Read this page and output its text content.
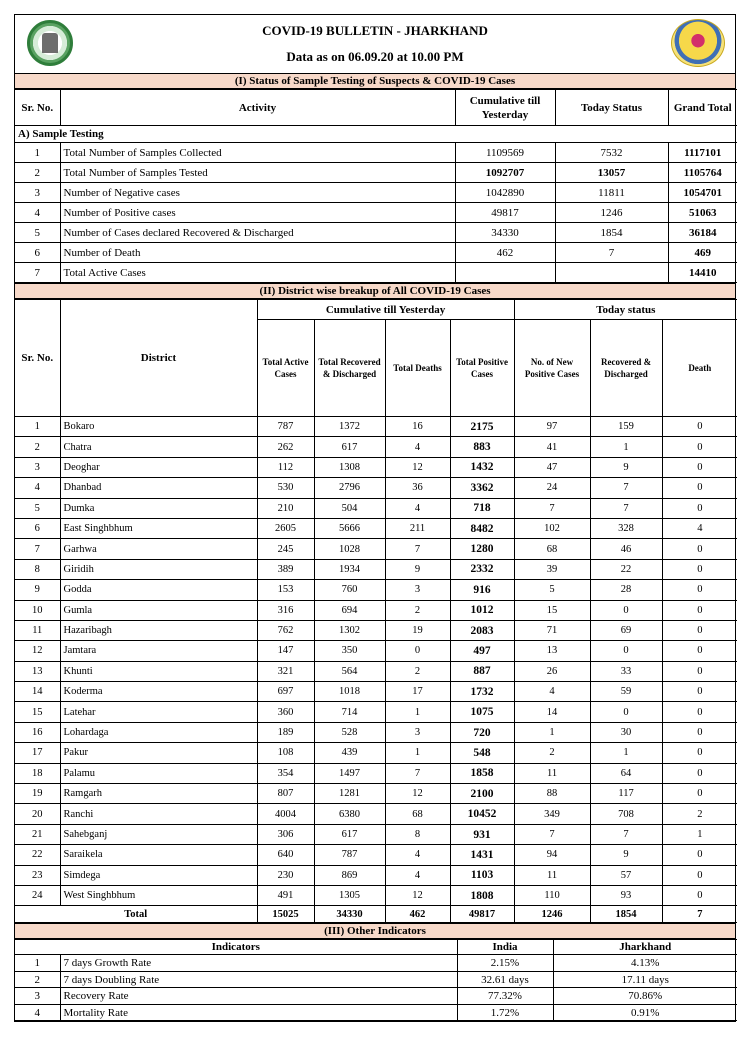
COVID-19 BULLETIN - JHARKHAND
Data as on 06.09.20 at 10.00 PM
(I) Status of Sample Testing of Suspects & COVID-19 Cases
Sr. No.	Activity	Cumulative till Yesterday	Today Status	Grand Total
A) Sample Testing				
1	Total Number of Samples Collected	1109569	7532	1117101
2	Total Number of Samples Tested	1092707	13057	1105764
3	Number of Negative cases	1042890	11811	1054701
4	Number of Positive cases	49817	1246	51063
5	Number of Cases declared Recovered & Discharged	34330	1854	36184
6	Number of Death	462	7	469
7	Total Active Cases			14410
(II) District wise breakup of All COVID-19 Cases
Sr. No.	District	Cumulative till Yesterday				Today status		
		Total Active Cases	Total Recovered & Discharged	Total Deaths	Total Positive Cases	No. of New Positive Cases	Recovered & Discharged	Death
1	Bokaro	787	1372	16	2175	97	159	0
2	Chatra	262	617	4	883	41	1	0
3	Deoghar	112	1308	12	1432	47	9	0
4	Dhanbad	530	2796	36	3362	24	7	0
5	Dumka	210	504	4	718	7	7	0
6	East Singhbhum	2605	5666	211	8482	102	328	4
7	Garhwa	245	1028	7	1280	68	46	0
8	Giridih	389	1934	9	2332	39	22	0
9	Godda	153	760	3	916	5	28	0
10	Gumla	316	694	2	1012	15	0	0
11	Hazaribagh	762	1302	19	2083	71	69	0
12	Jamtara	147	350	0	497	13	0	0
13	Khunti	321	564	2	887	26	33	0
14	Koderma	697	1018	17	1732	4	59	0
15	Latehar	360	714	1	1075	14	0	0
16	Lohardaga	189	528	3	720	1	30	0
17	Pakur	108	439	1	548	2	1	0
18	Palamu	354	1497	7	1858	11	64	0
19	Ramgarh	807	1281	12	2100	88	117	0
20	Ranchi	4004	6380	68	10452	349	708	2
21	Sahebganj	306	617	8	931	7	7	1
22	Saraikela	640	787	4	1431	94	9	0
23	Simdega	230	869	4	1103	11	57	0
24	West Singhbhum	491	1305	12	1808	110	93	0
Total		15025	34330	462	49817	1246	1854	7
(III) Other Indicators
Indicators		India	Jharkhand
1	7 days Growth Rate	2.15%	4.13%
2	7 days Doubling Rate	32.61 days	17.11 days
3	Recovery Rate	77.32%	70.86%
4	Mortality Rate	1.72%	0.91%
